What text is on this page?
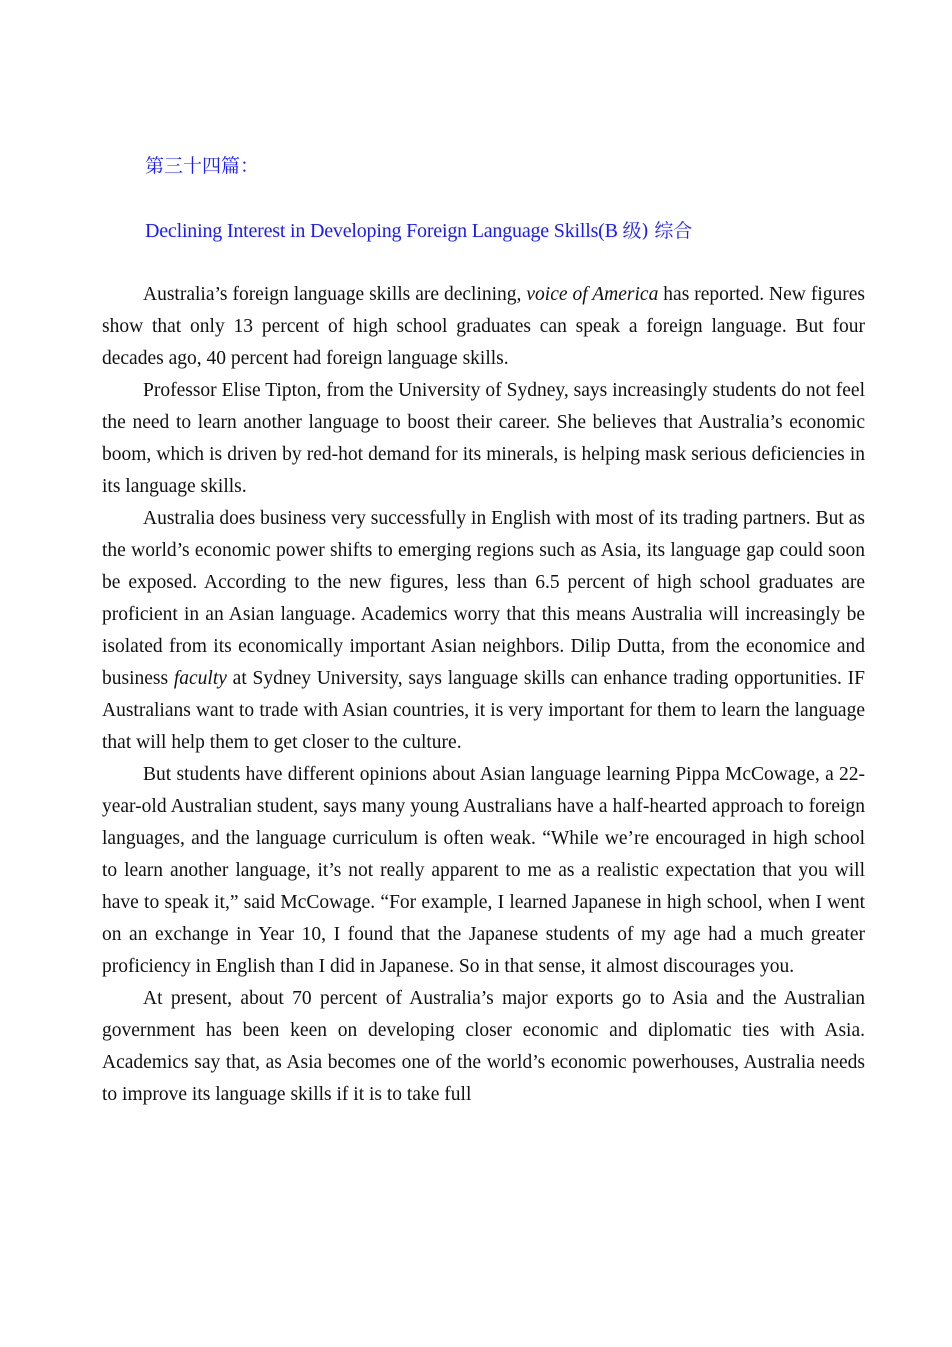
第三十四篇：
Declining Interest in Developing Foreign Language Skills(B 级) 综合

Australia’s foreign language skills are declining, voice of America has reported. New figures show that only 13 percent of high school graduates can speak a foreign language. But four decades ago, 40 percent had foreign language skills.

Professor Elise Tipton, from the University of Sydney, says increasingly students do not feel the need to learn another language to boost their career. She believes that Australia’s economic boom, which is driven by red-hot demand for its minerals, is helping mask serious deficiencies in its language skills.

Australia does business very successfully in English with most of its trading partners. But as the world’s economic power shifts to emerging regions such as Asia, its language gap could soon be exposed. According to the new figures, less than 6.5 percent of high school graduates are proficient in an Asian language. Academics worry that this means Australia will increasingly be isolated from its economically important Asian neighbors. Dilip Dutta, from the economice and business faculty at Sydney University, says language skills can enhance trading opportunities. IF Australians want to trade with Asian countries, it is very important for them to learn the language that will help them to get closer to the culture.

But students have different opinions about Asian language learning Pippa McCowage, a 22-year-old Australian student, says many young Australians have a half-hearted approach to foreign languages, and the language curriculum is often weak. “While we’re encouraged in high school to learn another language, it’s not really apparent to me as a realistic expectation that you will have to speak it,” said McCowage. “For example, I learned Japanese in high school, when I went on an exchange in Year 10, I found that the Japanese students of my age had a much greater proficiency in English than I did in Japanese. So in that sense, it almost discourages you.

At present, about 70 percent of Australia’s major exports go to Asia and the Australian government has been keen on developing closer economic and diplomatic ties with Asia. Academics say that, as Asia becomes one of the world’s economic powerhouses, Australia needs to improve its language skills if it is to take full
